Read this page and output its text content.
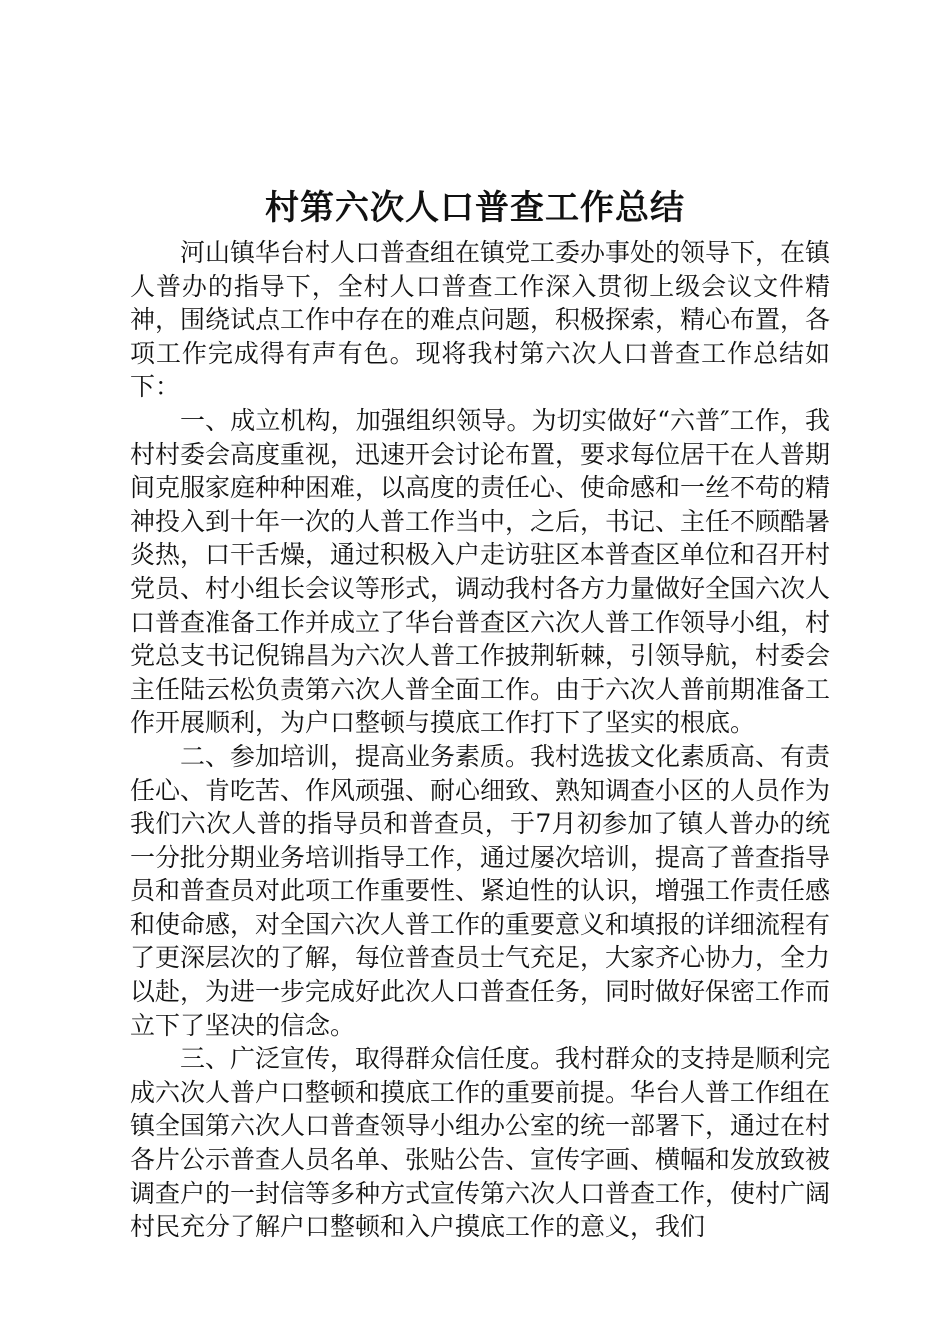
村第六次人口普查工作总结

河山镇华台村人口普查组在镇党工委办事处的领导下，在镇人普办的指导下，全村人口普查工作深入贯彻上级会议文件精神，围绕试点工作中存在的难点问题，积极探索，精心布置，各项工作完成得有声有色。现将我村第六次人口普查工作总结如下：

一、成立机构，加强组织领导。为切实做好“六普″工作，我村村委会高度重视，迅速开会讨论布置，要求每位居干在人普期间克服家庭种种困难，以高度的责任心、使命感和一丝不苟的精神投入到十年一次的人普工作当中，之后，书记、主任不顾酷暑炎热，口干舌燥，通过积极入户走访驻区本普查区单位和召开村党员、村小组长会议等形式，调动我村各方力量做好全国六次人口普查准备工作并成立了华台普查区六次人普工作领导小组，村党总支书记倪锦昌为六次人普工作披荆斩棘，引领导航，村委会主任陆云松负责第六次人普全面工作。由于六次人普前期准备工作开展顺利，为户口整顿与摸底工作打下了坚实的根底。

二、参加培训，提高业务素质。我村选拔文化素质高、有责任心、肯吃苦、作风顽强、耐心细致、熟知调查小区的人员作为我们六次人普的指导员和普查员，于7月初参加了镇人普办的统一分批分期业务培训指导工作，通过屡次培训，提高了普查指导员和普查员对此项工作重要性、紧迫性的认识，增强工作责任感和使命感，对全国六次人普工作的重要意义和填报的详细流程有了更深层次的了解，每位普查员士气充足，大家齐心协力，全力以赴，为进一步完成好此次人口普查任务，同时做好保密工作而立下了坚决的信念。

三、广泛宣传，取得群众信任度。我村群众的支持是顺利完成六次人普户口整顿和摸底工作的重要前提。华台人普工作组在镇全国第六次人口普查领导小组办公室的统一部署下，通过在村各片公示普查人员名单、张贴公告、宣传字画、横幅和发放致被调查户的一封信等多种方式宣传第六次人口普查工作，使村广阔村民充分了解户口整顿和入户摸底工作的意义，我们
